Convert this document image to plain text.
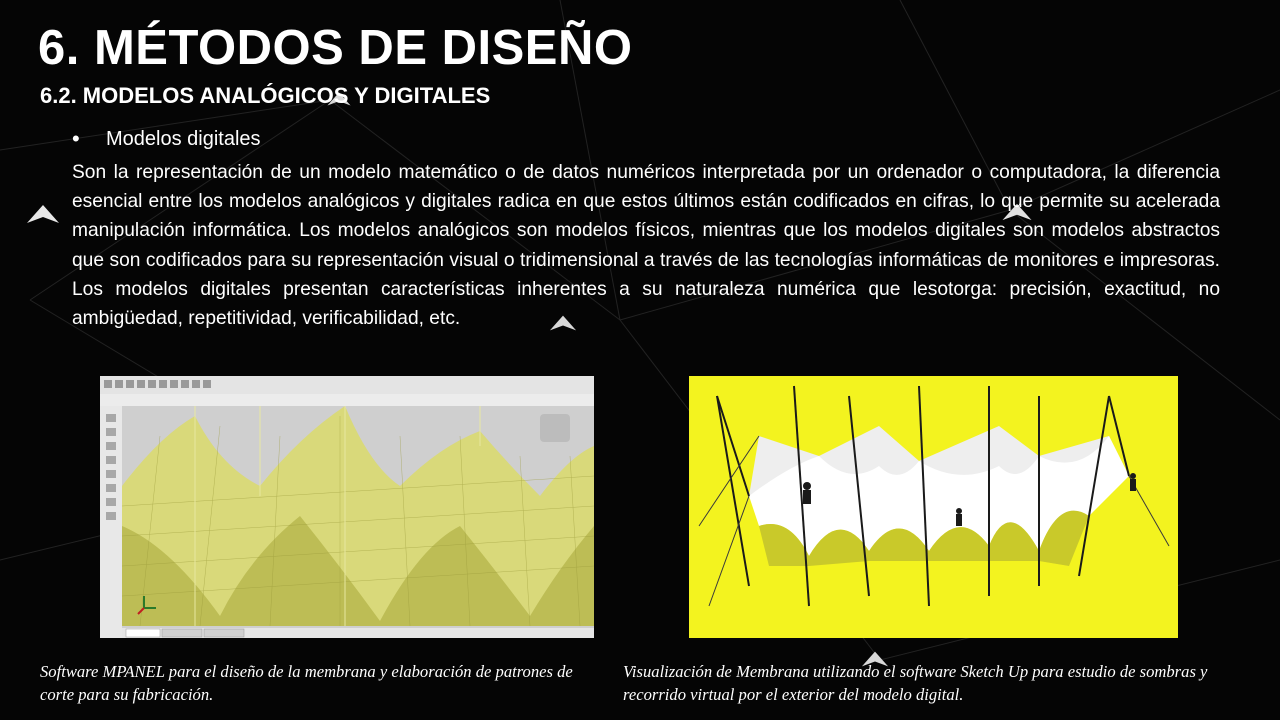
6. MÉTODOS DE DISEÑO
6.2. MODELOS ANALÓGICOS Y DIGITALES
•	Modelos digitales

Son la representación de un modelo matemático o de datos numéricos interpretada por un ordenador o computadora, la diferencia esencial entre los modelos analógicos y digitales radica en que estos últimos están codificados en cifras, lo que permite su acelerada manipulación informática. Los modelos analógicos son modelos físicos, mientras que los modelos digitales son modelos abstractos que son codificados para su representación visual o tridimensional a través de las tecnologías informáticas de monitores e impresoras. Los modelos digitales presentan características inherentes a su naturaleza numérica que lesotorga: precisión, exactitud, no ambigüedad, repetitividad, verificabilidad, etc.

Software MPANEL para el diseño de la membrana y elaboración de patrones de corte para su fabricación.

Visualización de Membrana utilizando el software Sketch Up para estudio de sombras y recorrido virtual por el exterior del modelo digital.
